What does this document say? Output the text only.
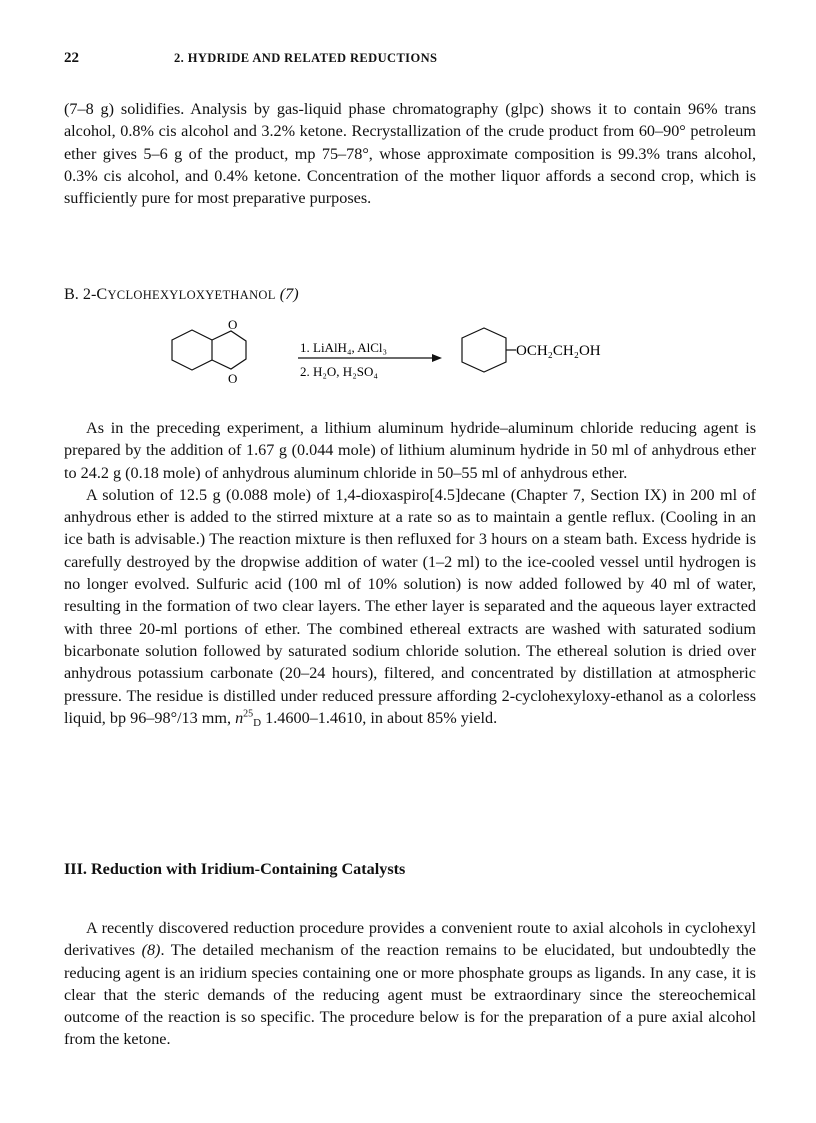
22	2. HYDRIDE AND RELATED REDUCTIONS

(7–8 g) solidifies. Analysis by gas-liquid phase chromatography (glpc) shows it to contain 96% trans alcohol, 0.8% cis alcohol and 3.2% ketone. Recrystallization of the crude product from 60–90° petroleum ether gives 5–6 g of the product, mp 75–78°, whose approximate composition is 99.3% trans alcohol, 0.3% cis alcohol, and 0.4% ketone. Concentration of the mother liquor affords a second crop, which is sufficiently pure for most preparative purposes.

B. 2-CYCLOHEXYLOXYETHANOL (7)
O
O
1. LiAlH₄, AlCl₃
2. H₂O, H₂SO₄
OCH₂CH₂OH

As in the preceding experiment, a lithium aluminum hydride–aluminum chloride reducing agent is prepared by the addition of 1.67 g (0.044 mole) of lithium aluminum hydride in 50 ml of anhydrous ether to 24.2 g (0.18 mole) of anhydrous aluminum chloride in 50–55 ml of anhydrous ether.

A solution of 12.5 g (0.088 mole) of 1,4-dioxaspiro[4.5]decane (Chapter 7, Section IX) in 200 ml of anhydrous ether is added to the stirred mixture at a rate so as to maintain a gentle reflux. (Cooling in an ice bath is advisable.) The reaction mixture is then refluxed for 3 hours on a steam bath. Excess hydride is carefully destroyed by the dropwise addition of water (1–2 ml) to the ice-cooled vessel until hydrogen is no longer evolved. Sulfuric acid (100 ml of 10% solution) is now added followed by 40 ml of water, resulting in the formation of two clear layers. The ether layer is separated and the aqueous layer extracted with three 20-ml portions of ether. The combined ethereal extracts are washed with saturated sodium bicarbonate solution followed by saturated sodium chloride solution. The ethereal solution is dried over anhydrous potassium carbonate (20–24 hours), filtered, and concentrated by distillation at atmospheric pressure. The residue is distilled under reduced pressure affording 2-cyclohexyloxy-ethanol as a colorless liquid, bp 96–98°/13 mm, $n^{25}_D$ 1.4600–1.4610, in about 85% yield.

III. Reduction with Iridium-Containing Catalysts

A recently discovered reduction procedure provides a convenient route to axial alcohols in cyclohexyl derivatives (8). The detailed mechanism of the reaction remains to be elucidated, but undoubtedly the reducing agent is an iridium species containing one or more phosphate groups as ligands. In any case, it is clear that the steric demands of the reducing agent must be extraordinary since the stereochemical outcome of the reaction is so specific. The procedure below is for the preparation of a pure axial alcohol from the ketone.
